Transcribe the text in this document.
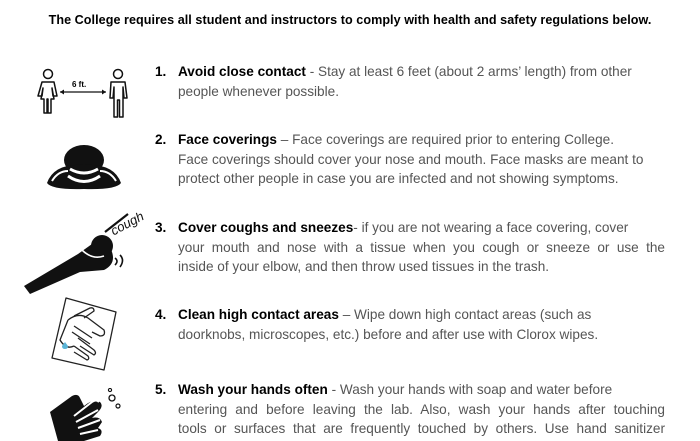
The College requires all student and instructors to comply with health and safety regulations below.
6 ft.
cough
1. Avoid close contact - Stay at least 6 feet (about 2 arms’ length) from other
people whenever possible.
2. Face coverings – Face coverings are required prior to entering College.
Face coverings should cover your nose and mouth. Face masks are meant to
protect other people in case you are infected and not showing symptoms.
3. Cover coughs and sneezes- if you are not wearing a face covering, cover
your mouth and nose with a tissue when you cough or sneeze or use the
inside of your elbow, and then throw used tissues in the trash.
4. Clean high contact areas – Wipe down high contact areas (such as
doorknobs, microscopes, etc.) before and after use with Clorox wipes.
5. Wash your hands often - Wash your hands with soap and water before
entering and before leaving the lab. Also, wash your hands after touching
tools or surfaces that are frequently touched by others. Use hand sanitizer
